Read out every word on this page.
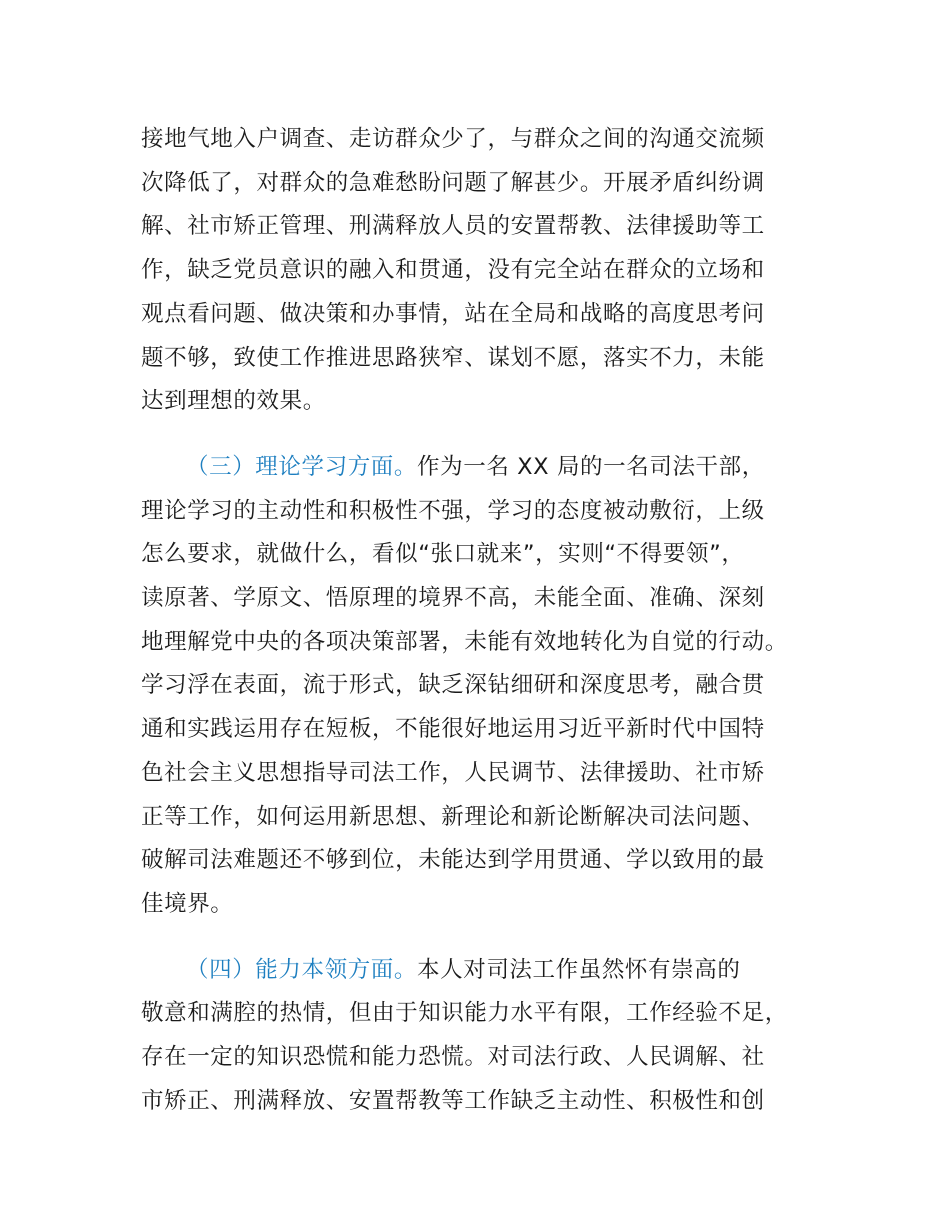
接地气地入户调查、走访群众少了，与群众之间的沟通交流频
次降低了，对群众的急难愁盼问题了解甚少。开展矛盾纠纷调
解、社市矫正管理、刑满释放人员的安置帮教、法律援助等工
作，缺乏党员意识的融入和贯通，没有完全站在群众的立场和
观点看问题、做决策和办事情，站在全局和战略的高度思考问
题不够，致使工作推进思路狭窄、谋划不愿，落实不力，未能
达到理想的效果。

（三）理论学习方面。作为一名 XX 局的一名司法干部，
理论学习的主动性和积极性不强，学习的态度被动敷衍，上级
怎么要求，就做什么，看似“张口就来”，实则“不得要领”，
读原著、学原文、悟原理的境界不高，未能全面、准确、深刻
地理解党中央的各项决策部署，未能有效地转化为自觉的行动。
学习浮在表面，流于形式，缺乏深钻细研和深度思考，融合贯
通和实践运用存在短板，不能很好地运用习近平新时代中国特
色社会主义思想指导司法工作，人民调节、法律援助、社市矫
正等工作，如何运用新思想、新理论和新论断解决司法问题、
破解司法难题还不够到位，未能达到学用贯通、学以致用的最
佳境界。

（四）能力本领方面。本人对司法工作虽然怀有崇高的
敬意和满腔的热情，但由于知识能力水平有限，工作经验不足，
存在一定的知识恐慌和能力恐慌。对司法行政、人民调解、社
市矫正、刑满释放、安置帮教等工作缺乏主动性、积极性和创
